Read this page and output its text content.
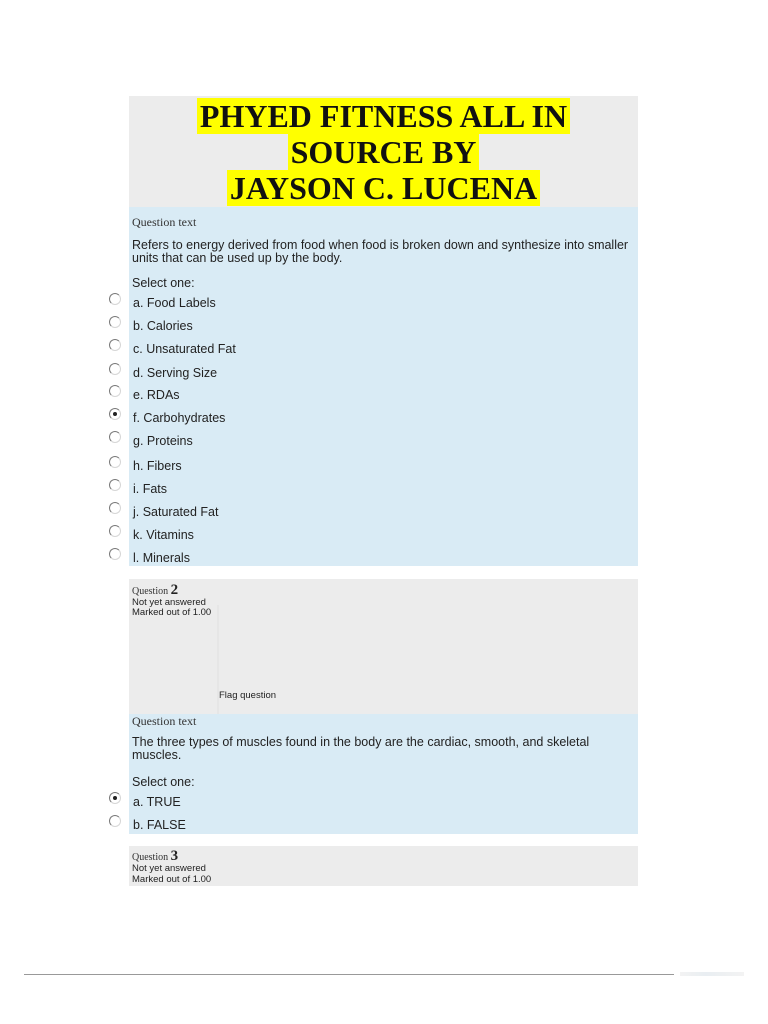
PHYED FITNESS ALL IN
SOURCE BY
JAYSON C. LUCENA
Question text
Refers to energy derived from food when food is broken down and synthesize into smaller units that can be used up by the body.
Select one:
a. Food Labels
b. Calories
c. Unsaturated Fat
d. Serving Size
e. RDAs
f. Carbohydrates
g. Proteins
h. Fibers
i. Fats
j. Saturated Fat
k. Vitamins
l. Minerals
Question 2
Not yet answered
Marked out of 1.00
Flag question
Question text
The three types of muscles found in the body are the cardiac, smooth, and skeletal muscles.
Select one:
a. TRUE
b. FALSE
Question 3
Not yet answered
Marked out of 1.00
